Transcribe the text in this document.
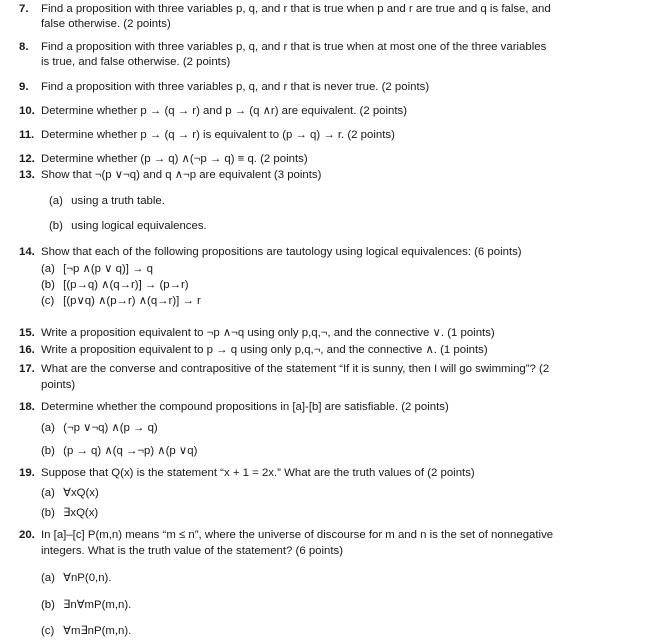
7. Find a proposition with three variables p, q, and r that is true when p and r are true and q is false, and
false otherwise. (2 points)
8. Find a proposition with three variables p, q, and r that is true when at most one of the three variables
is true, and false otherwise. (2 points)
9. Find a proposition with three variables p, q, and r that is never true. (2 points)
10. Determine whether p → (q → r) and p → (q ∧r) are equivalent. (2 points)
11. Determine whether p → (q → r) is equivalent to (p → q) → r. (2 points)
12. Determine whether (p → q) ∧(¬p → q) ≡ q. (2 points)
13. Show that ¬(p ∨¬q) and q ∧¬p are equivalent (3 points)
(a) using a truth table.
(b) using logical equivalences.
14. Show that each of the following propositions are tautology using logical equivalences: (6 points)
(a) [¬p ∧(p ∨ q)] → q
(b) [(p→q) ∧(q→r)] → (p→r)
(c) [(p∨q) ∧(p→r) ∧(q→r)] → r
15. Write a proposition equivalent to ¬p ∧¬q using only p,q,¬, and the connective ∨. (1 points)
16. Write a proposition equivalent to p → q using only p,q,¬, and the connective ∧. (1 points)
17. What are the converse and contrapositive of the statement “If it is sunny, then I will go swimming”? (2
points)
18. Determine whether the compound propositions in [a]-[b] are satisfiable. (2 points)
(a) (¬p ∨¬q) ∧(p → q)
(b) (p → q) ∧(q →¬p) ∧(p ∨q)
19. Suppose that Q(x) is the statement “x + 1 = 2x.” What are the truth values of (2 points)
(a) ∀xQ(x)
(b) ∃xQ(x)
20. In [a]–[c] P(m,n) means “m ≤ n”, where the universe of discourse for m and n is the set of nonnegative
integers. What is the truth value of the statement? (6 points)
(a) ∀nP(0,n).
(b) ∃n∀mP(m,n).
(c) ∀m∃nP(m,n).
